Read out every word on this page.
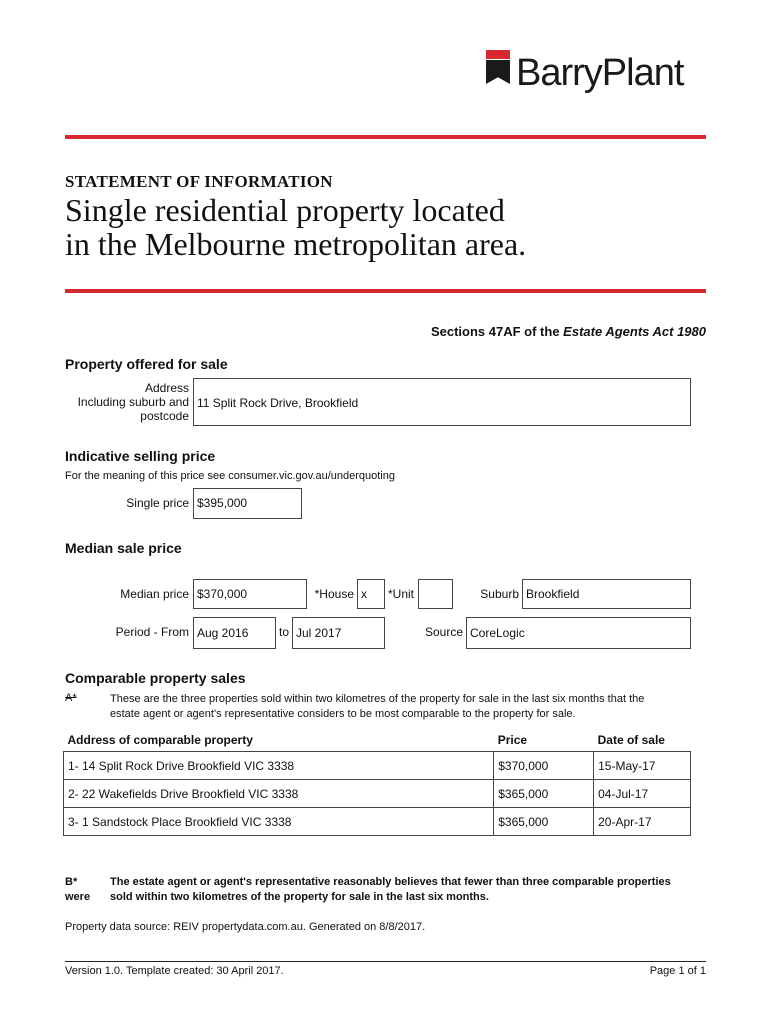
BarryPlant
STATEMENT OF INFORMATION
Single residential property located
in the Melbourne metropolitan area.
Sections 47AF of the Estate Agents Act 1980
Property offered for sale
Address
Including suburb and
postcode
11 Split Rock Drive, Brookfield
Indicative selling price
For the meaning of this price see consumer.vic.gov.au/underquoting
Single price $395,000
Median sale price
Median price $370,000	*House x	*Unit	Suburb Brookfield
Period - From Aug 2016	to Jul 2017	Source CoreLogic
Comparable property sales
A*	These are the three properties sold within two kilometres of the property for sale in the last six months that the
estate agent or agent's representative considers to be most comparable to the property for sale.
Address of comparable property	Price	Date of sale
1- 14 Split Rock Drive Brookfield VIC 3338	$370,000	15-May-17
2- 22 Wakefields Drive Brookfield VIC 3338	$365,000	04-Jul-17
3- 1 Sandstock Place Brookfield VIC 3338	$365,000	20-Apr-17
B*
were
The estate agent or agent's representative reasonably believes that fewer than three comparable properties
sold within two kilometres of the property for sale in the last six months.
Property data source: REIV propertydata.com.au. Generated on 8/8/2017.
Version 1.0. Template created: 30 April 2017.	Page 1 of 1
